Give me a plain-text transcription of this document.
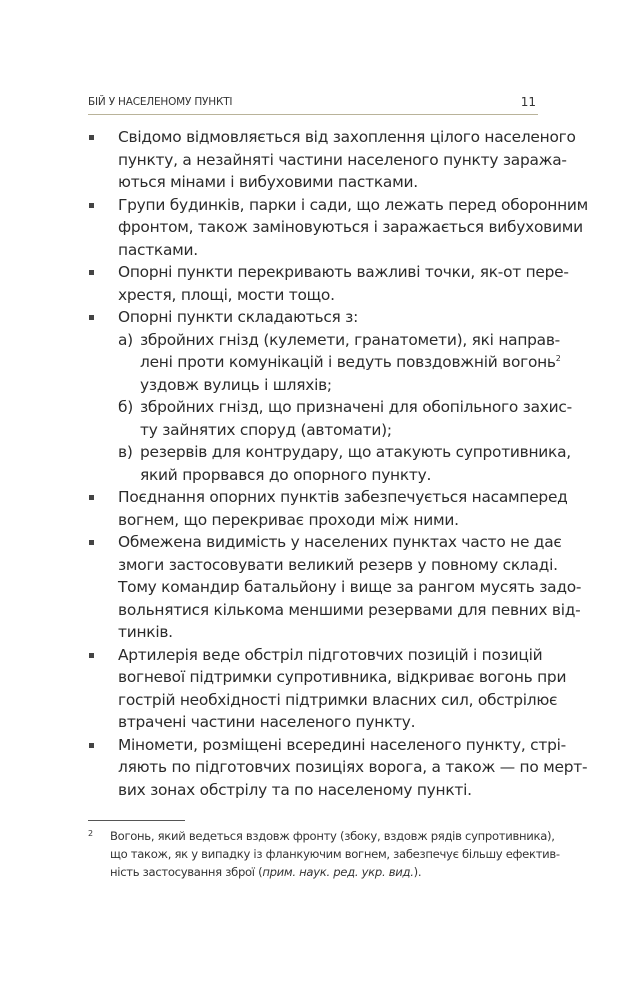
БІЙ У НАСЕЛЕНОМУ ПУНКТІ	11
Свідомо відмовляється від захоплення цілого населеного
пункту, а незайняті частини населеного пункту заража-
ються мінами і вибуховими пастками.
Групи будинків, парки і сади, що лежать перед оборонним
фронтом, також заміновуються і заражається вибуховими
пастками.
Опорні пункти перекривають важливі точки, як-от пере-
хрестя, площі, мости тощо.
Опорні пункти складаються з:
а) збройних гнізд (кулемети, гранатомети), які направ-
лені проти комунікацій і ведуть повздовжній вогонь$^2$
уздовж вулиць і шляхів;
б) збройних гнізд, що призначені для обопільного захис-
ту зайнятих споруд (автомати);
в) резервів для контрудару, що атакують супротивника,
який прорвався до опорного пункту.
Поєднання опорних пунктів забезпечується насамперед
вогнем, що перекриває проходи між ними.
Обмежена видимість у населених пунктах часто не дає
змоги застосовувати великий резерв у повному складі.
Тому командир батальйону і вище за рангом мусять задо-
вольнятися кількома меншими резервами для певних від-
тинків.
Артилерія веде обстріл підготовчих позицій і позицій
вогневої підтримки супротивника, відкриває вогонь при
гострій необхідності підтримки власних сил, обстрілює
втрачені частини населеного пункту.
Міномети, розміщені всередині населеного пункту, стрі-
ляють по підготовчих позиціях ворога, а також — по мерт-
вих зонах обстрілу та по населеному пункті.
2 Вогонь, який ведеться вздовж фронту (збоку, вздовж рядів супротивника),
що також, як у випадку із фланкуючим вогнем, забезпечує більшу ефектив-
ність застосування зброї (прим. наук. ред. укр. вид.).
